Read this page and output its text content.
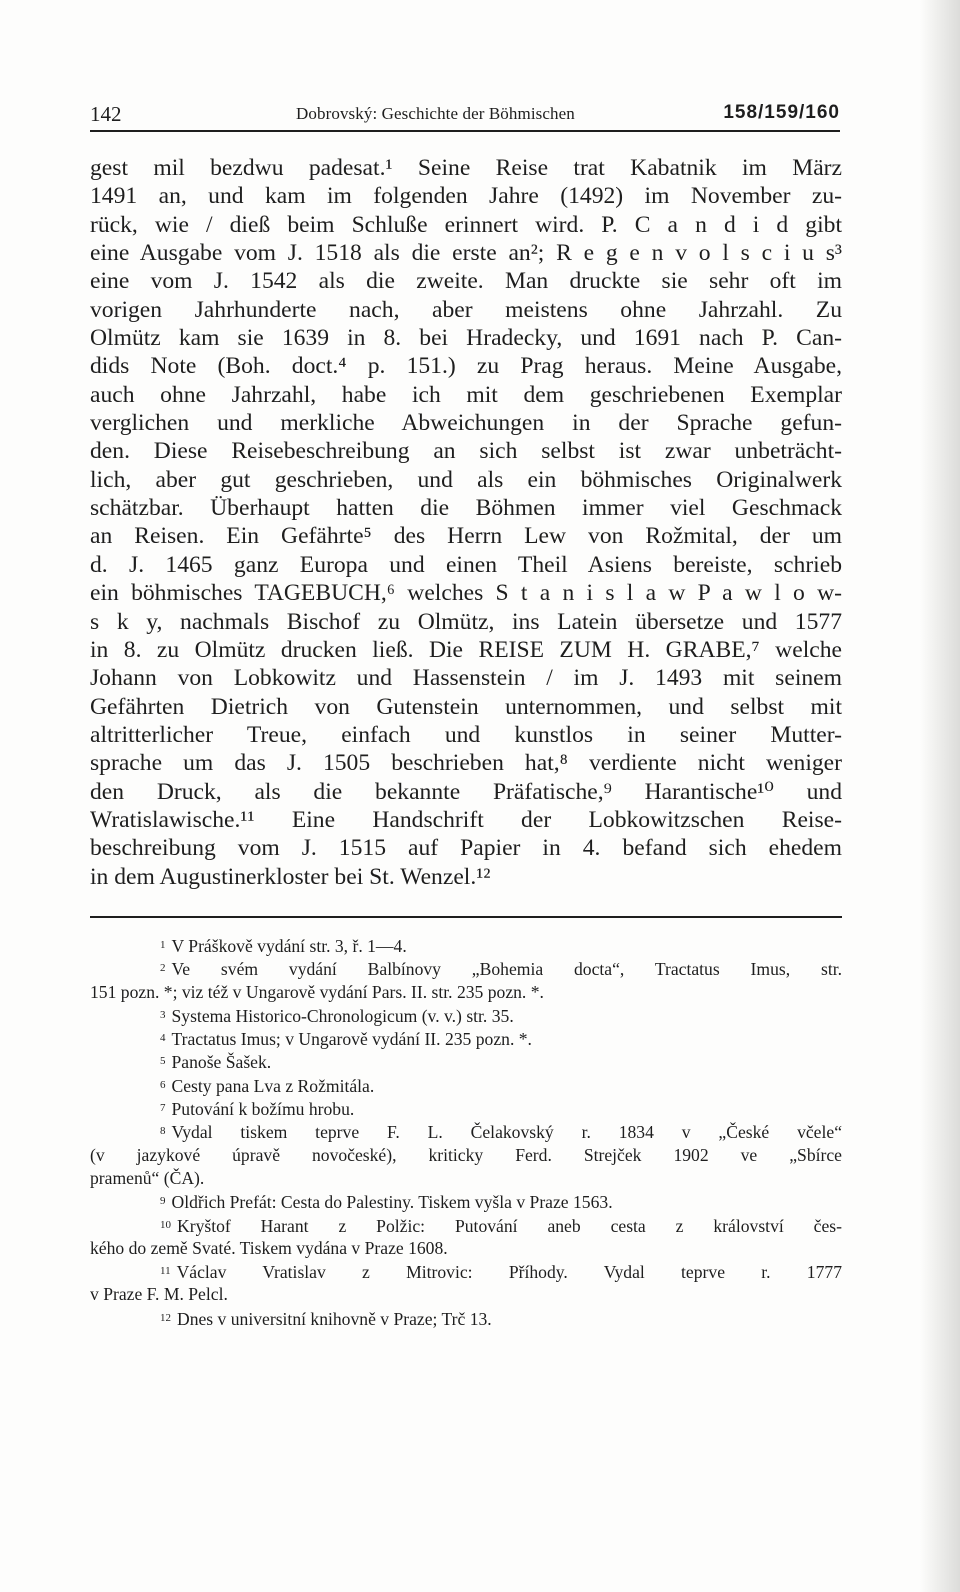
142	Dobrovský: Geschichte der Böhmischen	158/159/160
gest mil bezdwu padesat.¹ Seine Reise trat Kabatnik im März
1491 an, und kam im folgenden Jahre (1492) im November zu-
rück, wie / dieß beim Schluße erinnert wird. P. C a n d i d gibt
eine Ausgabe vom J. 1518 als die erste an²; R e g e n v o l s c i u s³
eine vom J. 1542 als die zweite. Man druckte sie sehr oft im
vorigen Jahrhunderte nach, aber meistens ohne Jahrzahl. Zu
Olmütz kam sie 1639 in 8. bei Hradecky, und 1691 nach P. Can-
dids Note (Boh. doct.⁴ p. 151.) zu Prag heraus. Meine Ausgabe,
auch ohne Jahrzahl, habe ich mit dem geschriebenen Exemplar
verglichen und merkliche Abweichungen in der Sprache gefun-
den. Diese Reisebeschreibung an sich selbst ist zwar unbeträcht-
lich, aber gut geschrieben, und als ein böhmisches Originalwerk
schätzbar. Überhaupt hatten die Böhmen immer viel Geschmack
an Reisen. Ein Gefährte⁵ des Herrn Lew von Rožmital, der um
d. J. 1465 ganz Europa und einen Theil Asiens bereiste, schrieb
ein böhmisches TAGEBUCH,⁶ welches S t a n i s l a w P a w l o w-
s k y, nachmals Bischof zu Olmütz, ins Latein übersetze und 1577
in 8. zu Olmütz drucken ließ. Die REISE ZUM H. GRABE,⁷ welche
Johann von Lobkowitz und Hassenstein / im J. 1493 mit seinem
Gefährten Dietrich von Gutenstein unternommen, und selbst mit
altritterlicher Treue, einfach und kunstlos in seiner Mutter-
sprache um das J. 1505 beschrieben hat,⁸ verdiente nicht weniger
den Druck, als die bekannte Präfatische,⁹ Harantische¹⁰ und
Wratislawische.¹¹ Eine Handschrift der Lobkowitzschen Reise-
beschreibung vom J. 1515 auf Papier in 4. befand sich ehedem
in dem Augustinerkloster bei St. Wenzel.¹²
$^1$ V Práškově vydání str. 3, ř. 1—4.
$^2$ Ve svém vydání Balbínovy „Bohemia docta“, Tractatus Imus, str.
151 pozn. *; viz též v Ungarově vydání Pars. II. str. 235 pozn. *.
$^3$ Systema Historico-Chronologicum (v. v.) str. 35.
$^4$ Tractatus Imus; v Ungarově vydání II. 235 pozn. *.
$^5$ Panoše Šašek.
$^6$ Cesty pana Lva z Rožmitála.
$^7$ Putování k božímu hrobu.
$^8$ Vydal tiskem teprve F. L. Čelakovský r. 1834 v „České včele“
(v jazykové úpravě novočeské), kriticky Ferd. Strejček 1902 ve „Sbírce
pramenů“ (ČA).
$^9$ Oldřich Prefát: Cesta do Palestiny. Tiskem vyšla v Praze 1563.
$^{10}$ Kryštof Harant z Polžic: Putování aneb cesta z království čes-
kého do země Svaté. Tiskem vydána v Praze 1608.
$^{11}$ Václav Vratislav z Mitrovic: Příhody. Vydal teprve r. 1777
v Praze F. M. Pelcl.
$^{12}$ Dnes v universitní knihovně v Praze; Trč 13.
